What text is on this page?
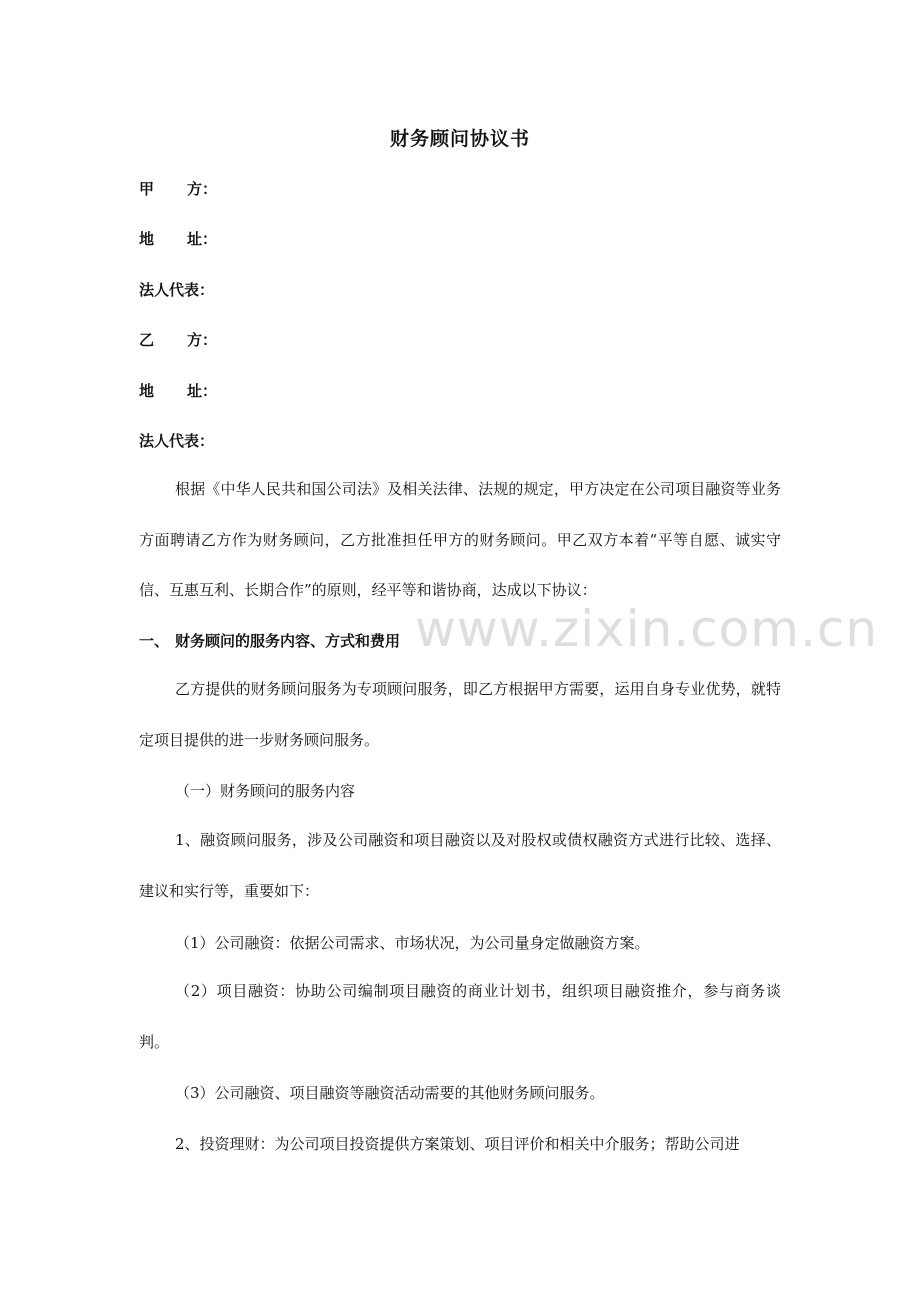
财务顾问协议书
甲 方：
地 址：
法人代表：
乙 方：
地 址：
法人代表：
根据《中华人民共和国公司法》及相关法律、法规的规定，甲方决定在公司项目融资等业务方面聘请乙方作为财务顾问，乙方批准担任甲方的财务顾问。甲乙双方本着“平等自愿、诚实守信、互惠互利、长期合作”的原则，经平等和谐协商，达成以下协议：
一、 财务顾问的服务内容、方式和费用
乙方提供的财务顾问服务为专项顾问服务，即乙方根据甲方需要，运用自身专业优势，就特定项目提供的进一步财务顾问服务。
（一）财务顾问的服务内容
1、融资顾问服务，涉及公司融资和项目融资以及对股权或债权融资方式进行比较、选择、建议和实行等，重要如下：
（1）公司融资：依据公司需求、市场状况，为公司量身定做融资方案。
（2）项目融资：协助公司编制项目融资的商业计划书，组织项目融资推介，参与商务谈判。
（3）公司融资、项目融资等融资活动需要的其他财务顾问服务。
2、投资理财：为公司项目投资提供方案策划、项目评价和相关中介服务；帮助公司进
www.zixin.com.cn
